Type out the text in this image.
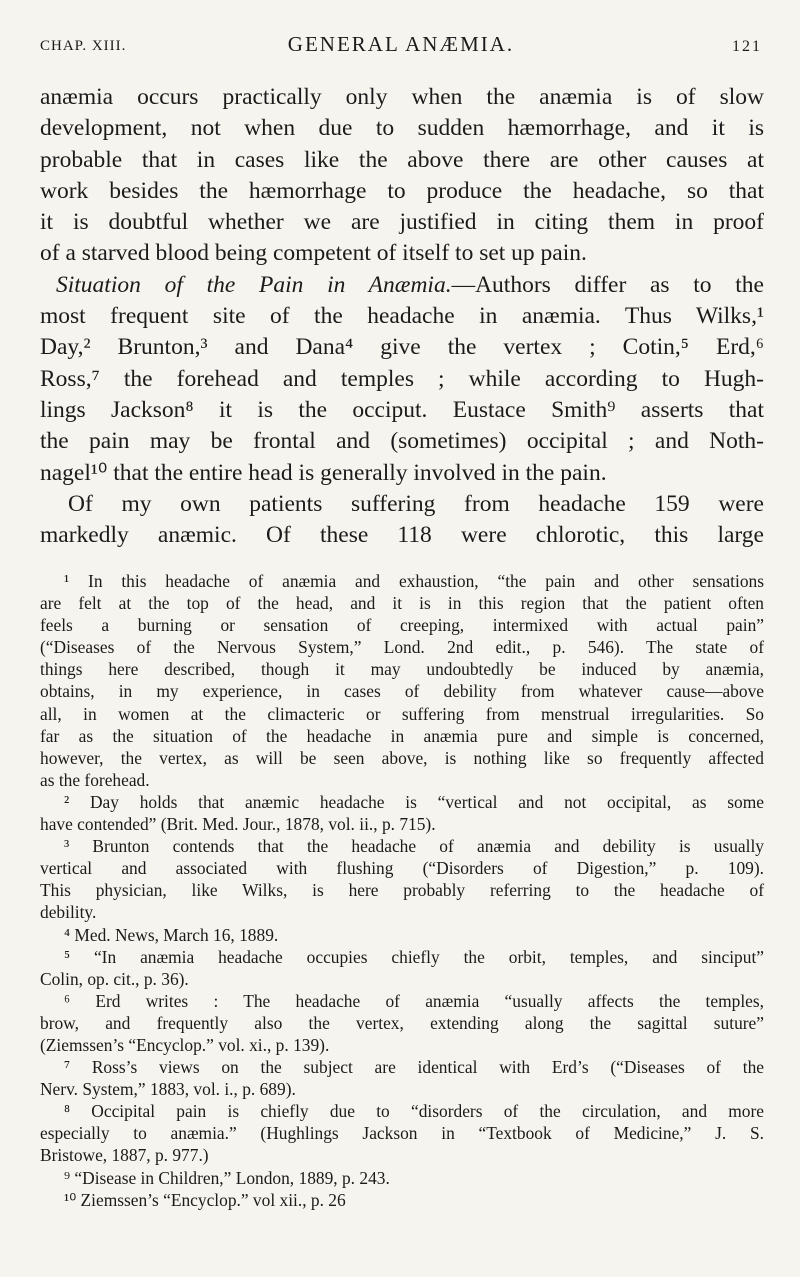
CHAP. XIII.	GENERAL ANÆMIA.	121
anæmia occurs practically only when the anæmia is of slow
development, not when due to sudden hæmorrhage, and it is
probable that in cases like the above there are other causes at
work besides the hæmorrhage to produce the headache, so that
it is doubtful whether we are justified in citing them in proof
of a starved blood being competent of itself to set up pain.
Situation of the Pain in Anæmia.—Authors differ as to the
most frequent site of the headache in anæmia. Thus Wilks,¹
Day,² Brunton,³ and Dana⁴ give the vertex ; Cotin,⁵ Erd,⁶
Ross,⁷ the forehead and temples ; while according to Hugh-
lings Jackson⁸ it is the occiput. Eustace Smith⁹ asserts that
the pain may be frontal and (sometimes) occipital ; and Noth-
nagel¹⁰ that the entire head is generally involved in the pain.
Of my own patients suffering from headache 159 were
markedly anæmic. Of these 118 were chlorotic, this large
¹ In this headache of anæmia and exhaustion, “the pain and other sensations
are felt at the top of the head, and it is in this region that the patient often
feels a burning or sensation of creeping, intermixed with actual pain”
(“Diseases of the Nervous System,” Lond. 2nd edit., p. 546). The state of
things here described, though it may undoubtedly be induced by anæmia,
obtains, in my experience, in cases of debility from whatever cause—above
all, in women at the climacteric or suffering from menstrual irregularities. So
far as the situation of the headache in anæmia pure and simple is concerned,
however, the vertex, as will be seen above, is nothing like so frequently affected
as the forehead.
² Day holds that anæmic headache is “vertical and not occipital, as some
have contended” (Brit. Med. Jour., 1878, vol. ii., p. 715).
³ Brunton contends that the headache of anæmia and debility is usually
vertical and associated with flushing (“Disorders of Digestion,” p. 109).
This physician, like Wilks, is here probably referring to the headache of
debility.
⁴ Med. News, March 16, 1889.
⁵ “In anæmia headache occupies chiefly the orbit, temples, and sinciput”
Colin, op. cit., p. 36).
⁶ Erd writes : The headache of anæmia “usually affects the temples,
brow, and frequently also the vertex, extending along the sagittal suture”
(Ziemssen’s “Encyclop.” vol. xi., p. 139).
⁷ Ross’s views on the subject are identical with Erd’s (“Diseases of the
Nerv. System,” 1883, vol. i., p. 689).
⁸ Occipital pain is chiefly due to “disorders of the circulation, and more
especially to anæmia.” (Hughlings Jackson in “Textbook of Medicine,” J. S.
Bristowe, 1887, p. 977.)
⁹ “Disease in Children,” London, 1889, p. 243.
¹⁰ Ziemssen’s “Encyclop.” vol xii., p. 26
